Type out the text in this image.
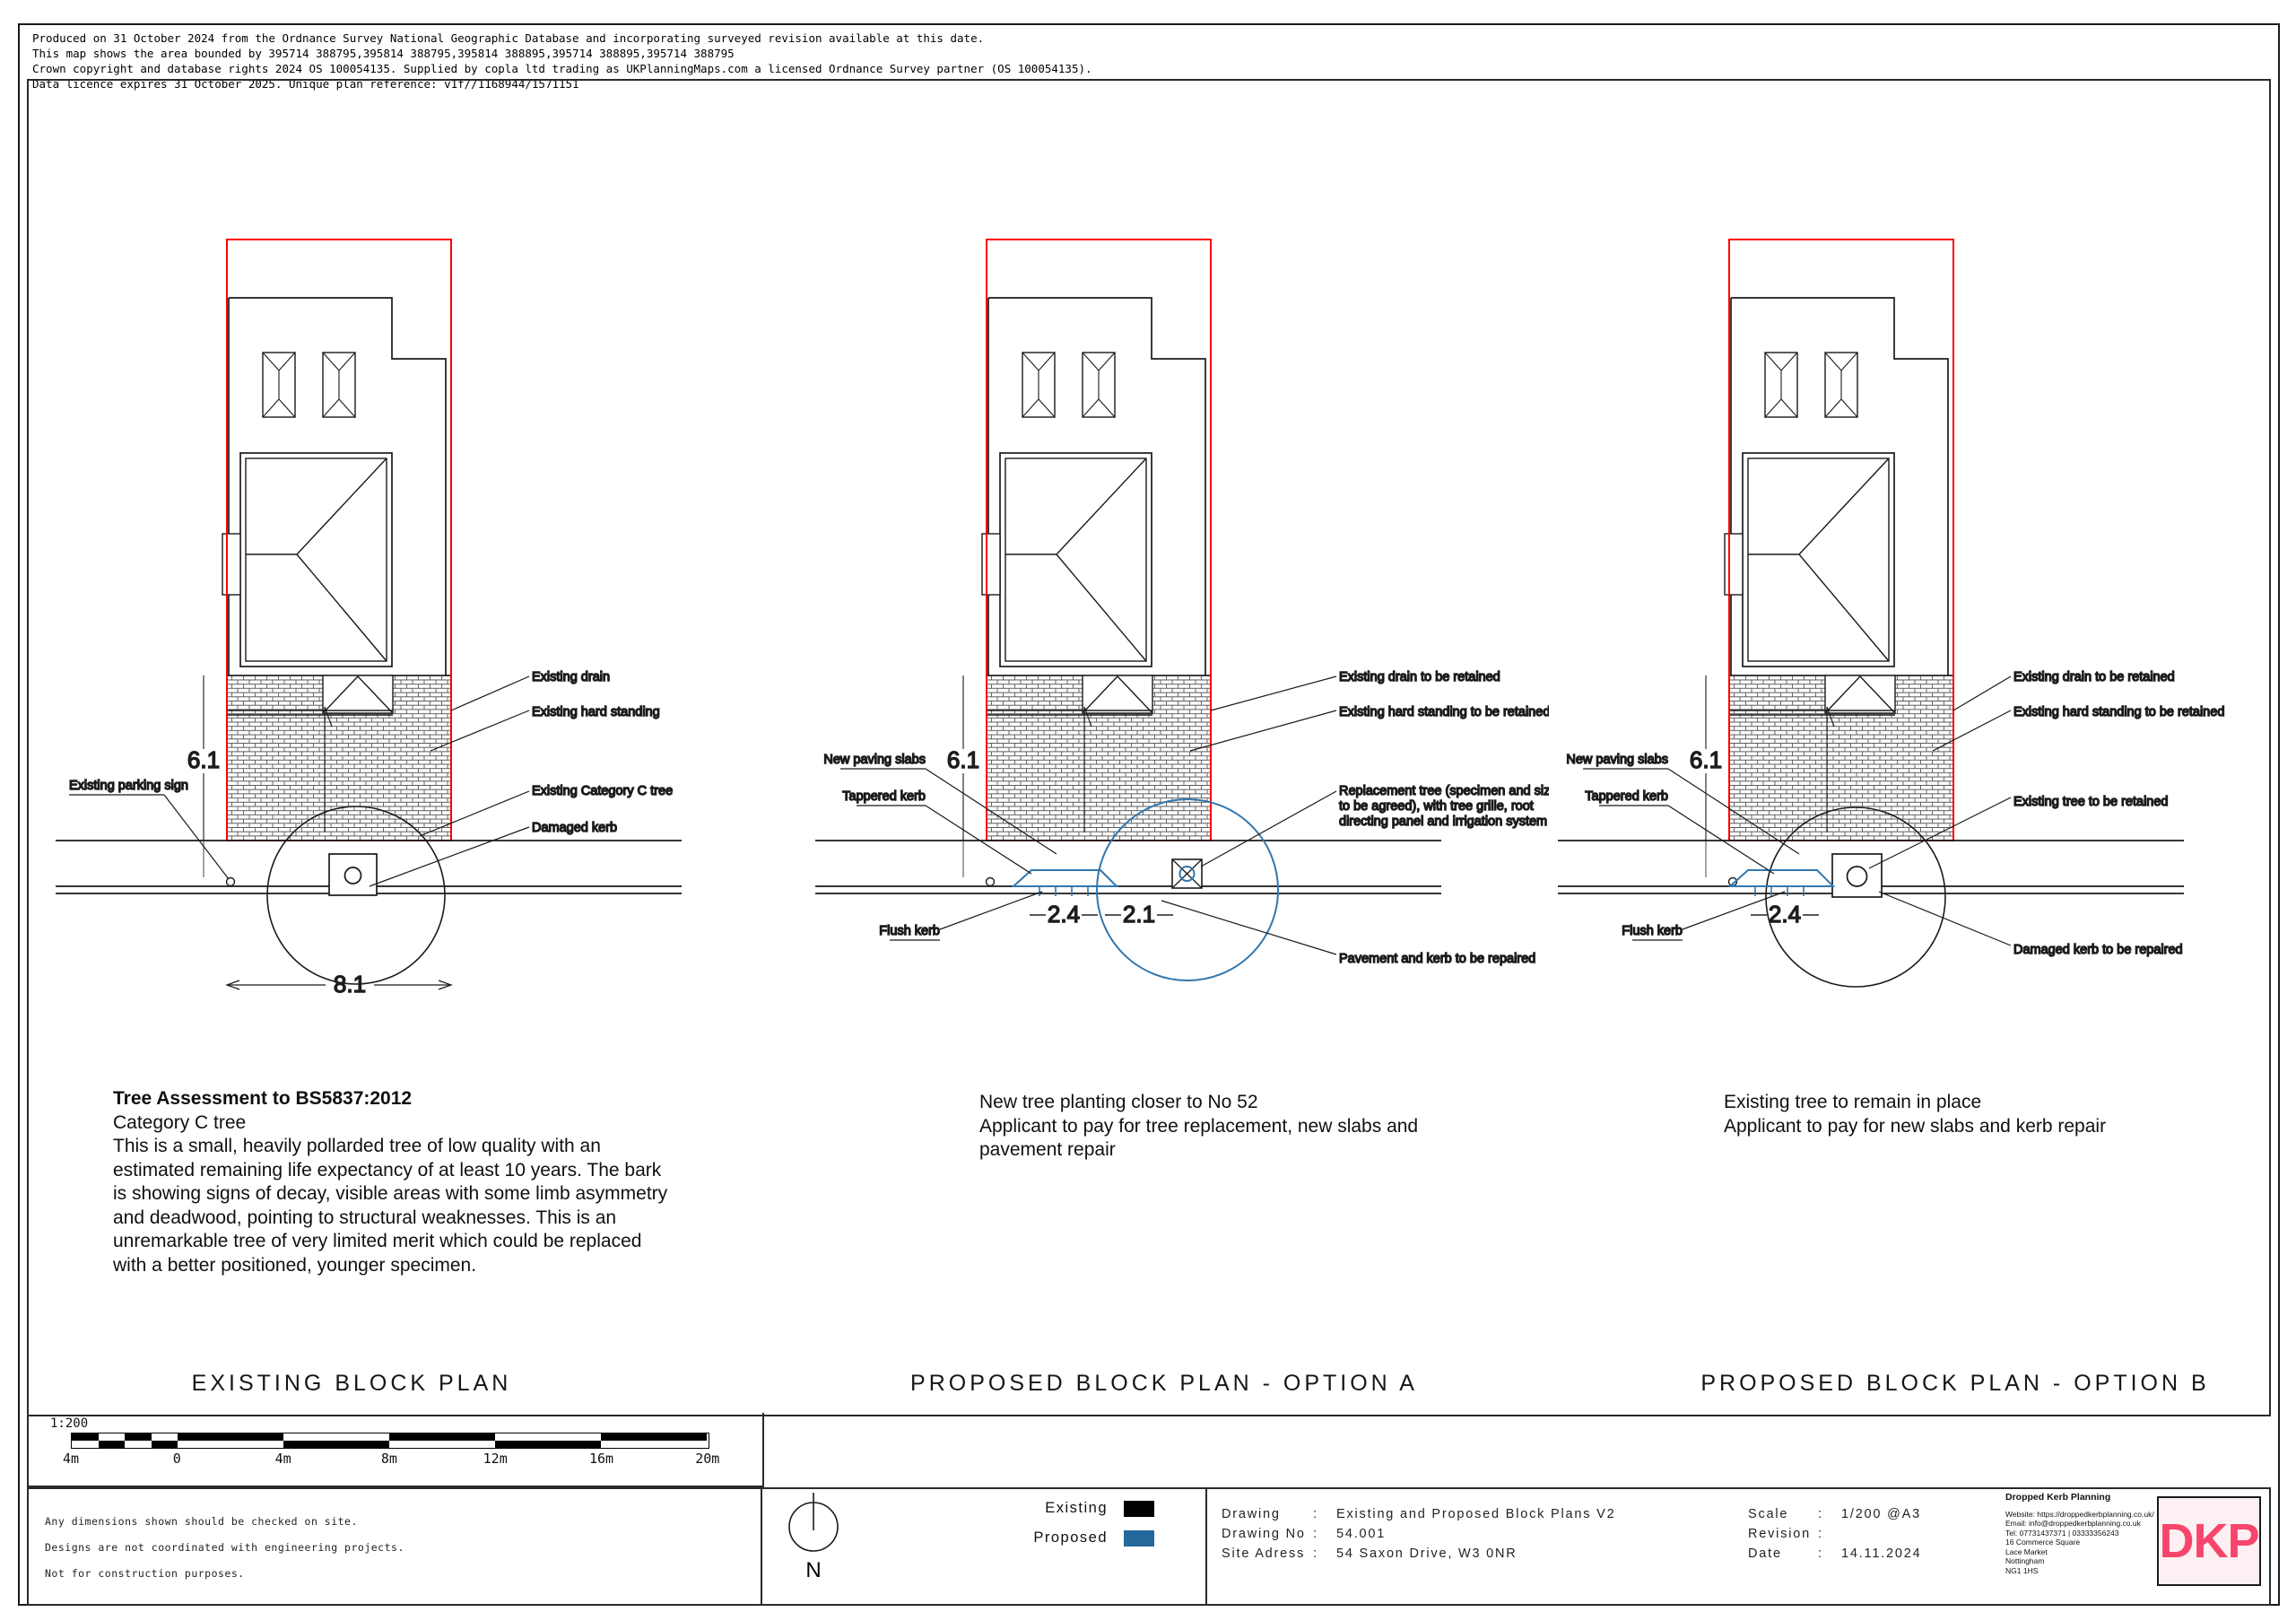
Produced on 31 October 2024 from the Ordnance Survey National Geographic Database and incorporating surveyed revision available at this date.
This map shows the area bounded by 395714 388795,395814 388795,395814 388895,395714 388895,395714 388795
Crown copyright and database rights 2024 OS 100054135. Supplied by copla ltd trading as UKPlanningMaps.com a licensed Ordnance Survey partner (OS 100054135).
Data licence expires 31 October 2025. Unique plan reference: v1f//1168944/1571151
6.1
8.1
Existing parking sign
Existing drain
Existing hard standing
Existing Category C tree
Damaged kerb
6.1
2.4 2.1
New paving slabs
Tappered kerb
Flush kerb
Existing drain to be retained
Existing hard standing to be retained
Replacement tree (specimen and size
to be agreed), with tree grille, root
directing panel and irrigation system
Pavement and kerb to be repaired
6.1
2.4
New paving slabs
Tappered kerb
Flush kerb
Existing drain to be retained
Existing hard standing to be retained
Existing tree to be retained
Damaged kerb to be repaired
EXISTING BLOCK PLAN	PROPOSED BLOCK PLAN - OPTION A	PROPOSED BLOCK PLAN - OPTION B
Tree Assessment to BS5837:2012
Category C tree
This is a small, heavily pollarded tree of low quality with an
estimated remaining life expectancy of at least 10 years. The bark
is showing signs of decay, visible areas with some limb asymmetry
and deadwood, pointing to structural weaknesses. This is an
unremarkable tree of very limited merit which could be replaced
with a better positioned, younger specimen.
New tree planting closer to No 52
Applicant to pay for tree replacement, new slabs and
pavement repair
Existing tree to remain in place
Applicant to pay for new slabs and kerb repair
1:200
4m	0	4m	8m	12m	16m	20m
Any dimensions shown should be checked on site.
Designs are not coordinated with engineering projects.
Not for construction purposes.	N
Existing
Proposed
Drawing	:	Existing and Proposed Block Plans V2
Drawing No	:	54.001
Site Adress	:	54 Saxon Drive, W3 0NR
Scale	:	1/200 @A3
Revision	:	
Date	:	14.11.2024
Dropped Kerb Planning
Website: https://droppedkerbplanning.co.uk/
Email: info@droppedkerbplanning.co.uk
Tel: 07731437371 | 03333356243
16 Commerce Square
Lace Market
Nottingham
NG1 1HS
DKP
